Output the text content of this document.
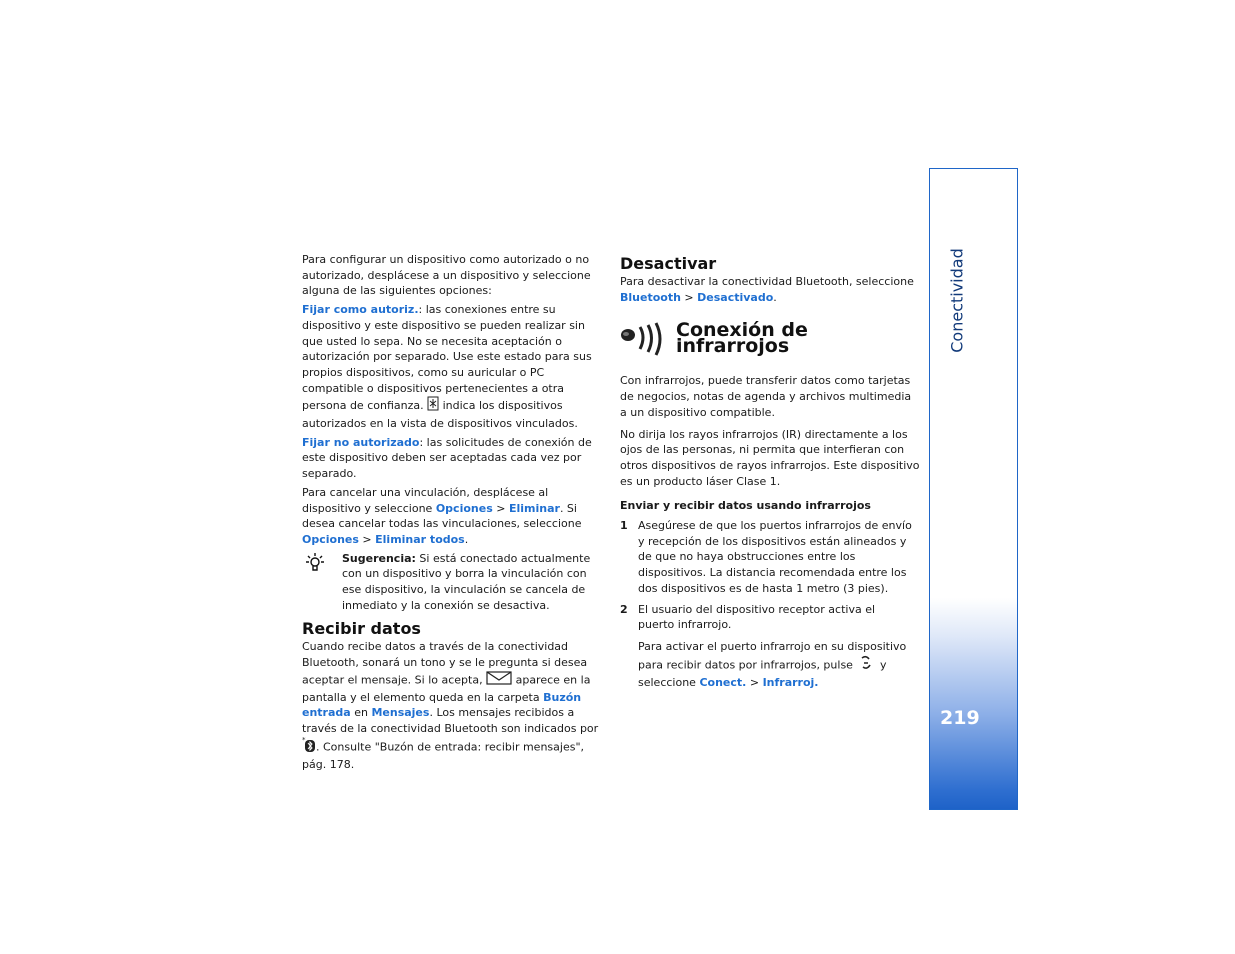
Para configurar un dispositivo como autorizado o no autorizado, desplácese a un dispositivo y seleccione alguna de las siguientes opciones:

Fijar como autoriz.: las conexiones entre su dispositivo y este dispositivo se pueden realizar sin que usted lo sepa. No se necesita aceptación o autorización por separado. Use este estado para sus propios dispositivos, como su auricular o PC compatible o dispositivos pertenecientes a otra persona de confianza. indica los dispositivos autorizados en la vista de dispositivos vinculados.

Fijar no autorizado: las solicitudes de conexión de este dispositivo deben ser aceptadas cada vez por separado.

Para cancelar una vinculación, desplácese al dispositivo y seleccione Opciones > Eliminar. Si desea cancelar todas las vinculaciones, seleccione Opciones > Eliminar todos.

Sugerencia: Si está conectado actualmente con un dispositivo y borra la vinculación con ese dispositivo, la vinculación se cancela de inmediato y la conexión se desactiva.
Recibir datos

Cuando recibe datos a través de la conectividad Bluetooth, sonará un tono y se le pregunta si desea aceptar el mensaje. Si lo acepta,	aparece en la pantalla y el elemento queda en la carpeta Buzón entrada en Mensajes. Los mensajes recibidos a través de la conectividad Bluetooth son indicados por
*
. Consulte "Buzón de entrada: recibir mensajes", pág. 178.

Desactivar

Para desactivar la conectividad Bluetooth, seleccione Bluetooth > Desactivado.

Conexión de infrarrojos

Con infrarrojos, puede transferir datos como tarjetas de negocios, notas de agenda y archivos multimedia a un dispositivo compatible.

No dirija los rayos infrarrojos (IR) directamente a los ojos de las personas, ni permita que interfieran con otros dispositivos de rayos infrarrojos. Este dispositivo es un producto láser Clase 1.

Enviar y recibir datos usando infrarrojos

1 Asegúrese de que los puertos infrarrojos de envío y recepción de los dispositivos están alineados y de que no haya obstrucciones entre los dispositivos. La distancia recomendada entre los dos dispositivos es de hasta 1 metro (3 pies).
2 El usuario del dispositivo receptor activa el puerto infrarrojo.

Para activar el puerto infrarrojo en su dispositivo para recibir datos por infrarrojos, pulse y seleccione Conect. > Infrarroj.

Conectividad
219
